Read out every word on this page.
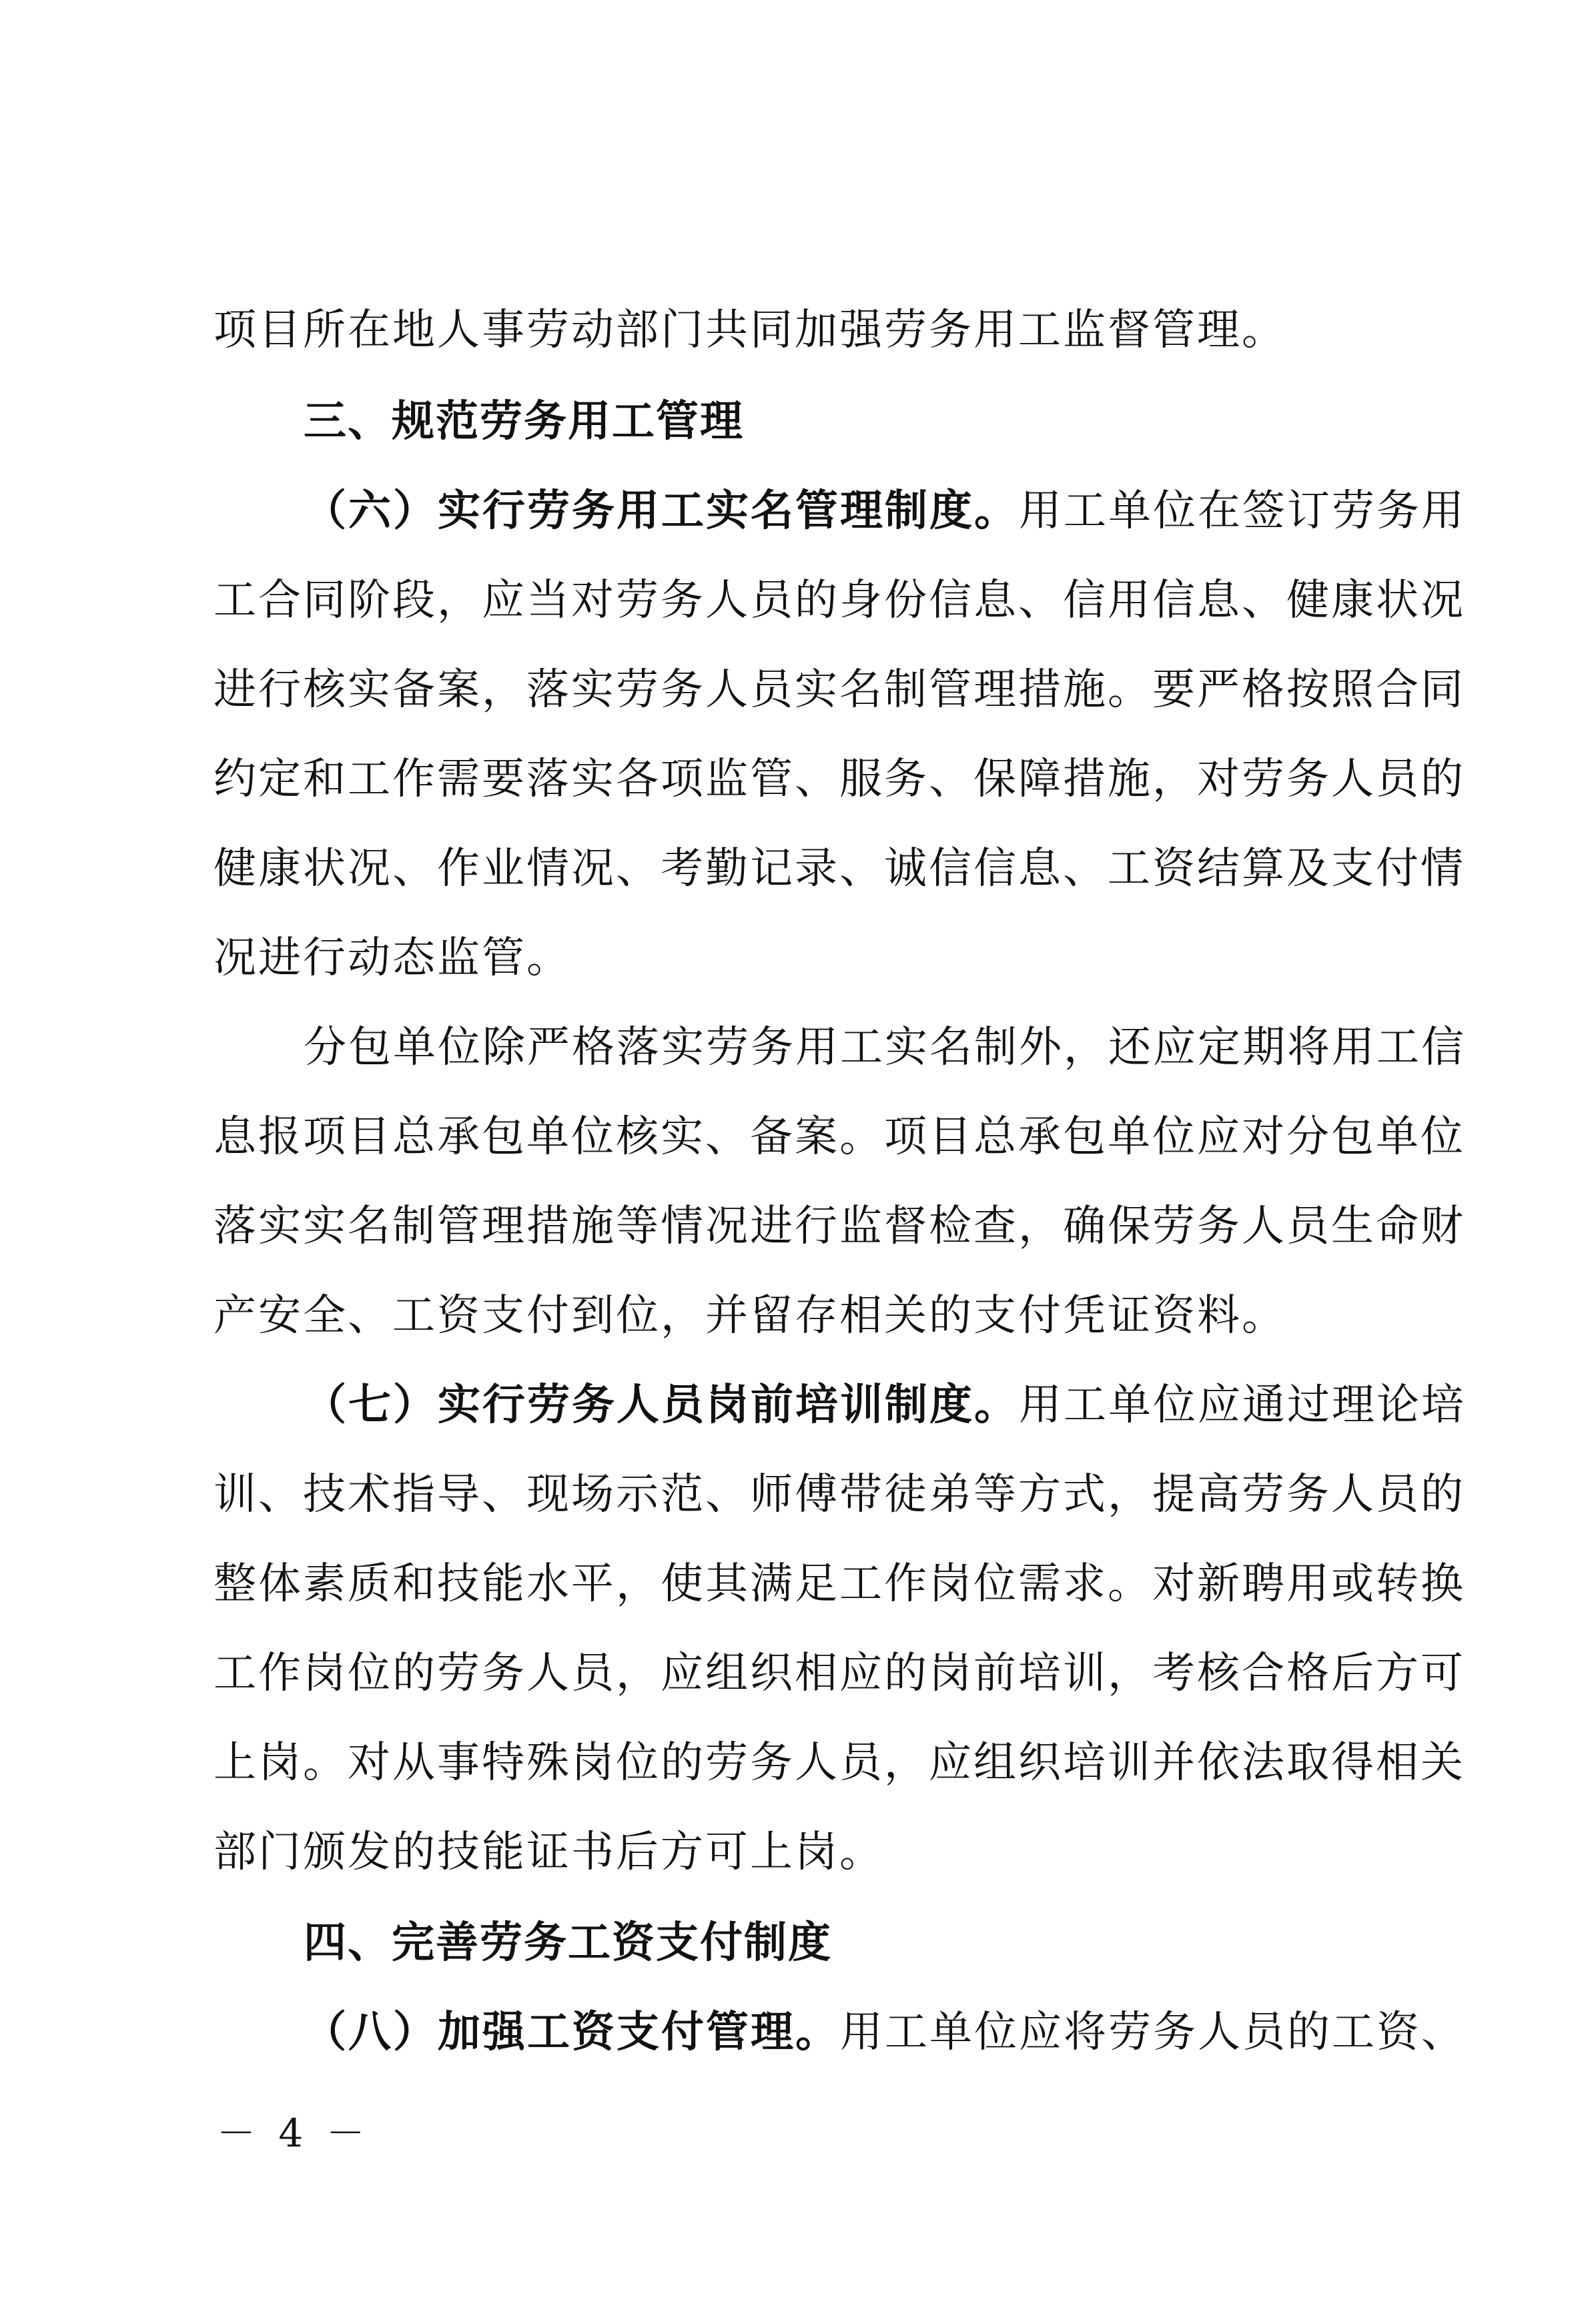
项目所在地人事劳动部门共同加强劳务用工监督管理。
三、规范劳务用工管理
（六）实行劳务用工实名管理制度。用工单位在签订劳务用
工合同阶段，应当对劳务人员的身份信息、信用信息、健康状况
进行核实备案，落实劳务人员实名制管理措施。要严格按照合同
约定和工作需要落实各项监管、服务、保障措施，对劳务人员的
健康状况、作业情况、考勤记录、诚信信息、工资结算及支付情
况进行动态监管。
分包单位除严格落实劳务用工实名制外，还应定期将用工信
息报项目总承包单位核实、备案。项目总承包单位应对分包单位
落实实名制管理措施等情况进行监督检查，确保劳务人员生命财
产安全、工资支付到位，并留存相关的支付凭证资料。
（七）实行劳务人员岗前培训制度。用工单位应通过理论培
训、技术指导、现场示范、师傅带徒弟等方式，提高劳务人员的
整体素质和技能水平，使其满足工作岗位需求。对新聘用或转换
工作岗位的劳务人员，应组织相应的岗前培训，考核合格后方可
上岗。对从事特殊岗位的劳务人员，应组织培训并依法取得相关
部门颁发的技能证书后方可上岗。
四、完善劳务工资支付制度
（八）加强工资支付管理。用工单位应将劳务人员的工资、
－ 4 －
